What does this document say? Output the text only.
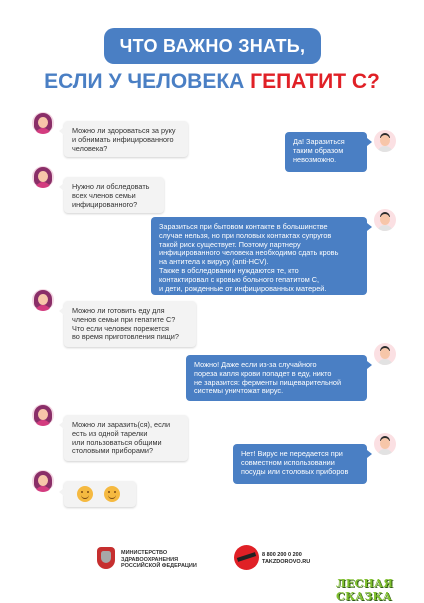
ЧТО ВАЖНО ЗНАТЬ,
ЕСЛИ У ЧЕЛОВЕКА ГЕПАТИТ С?
Можно ли здороваться за руку
и обнимать инфицированного
человека?
Да! Заразиться
таким образом
невозможно.
Нужно ли обследовать
всех членов семьи
инфицированного?
Заразиться при бытовом контакте в большинстве
случае нельзя, но при половых контактах супругов
такой риск существует. Поэтому партнеру
инфицированного человека необходимо сдать кровь
на антитела к вирусу (anti-HCV).
Также в обследовании нуждаются те, кто
контактировал с кровью больного гепатитом С,
и дети, рожденные от инфицированных матерей.
Можно ли готовить еду для
членов семьи при гепатите С?
Что если человек порежется
во время приготовления пищи?
Можно! Даже если из-за случайного
пореза капля крови попадет в еду, никто
не заразится: ферменты пищеварительной
системы уничтожат вирус.
Можно ли заразить(ся), если
есть из одной тарелки
или пользоваться общими
столовыми приборами?	Нет! Вирус не передается при
совместном использовании
посуды или столовых приборов
МИНИСТЕРСТВО
ЗДРАВООХРАНЕНИЯ
РОССИЙСКОЙ ФЕДЕРАЦИИ
8 800 200 0 200
TAKZDOROVO.RU
ЛЕСНАЯ СКАЗКА
